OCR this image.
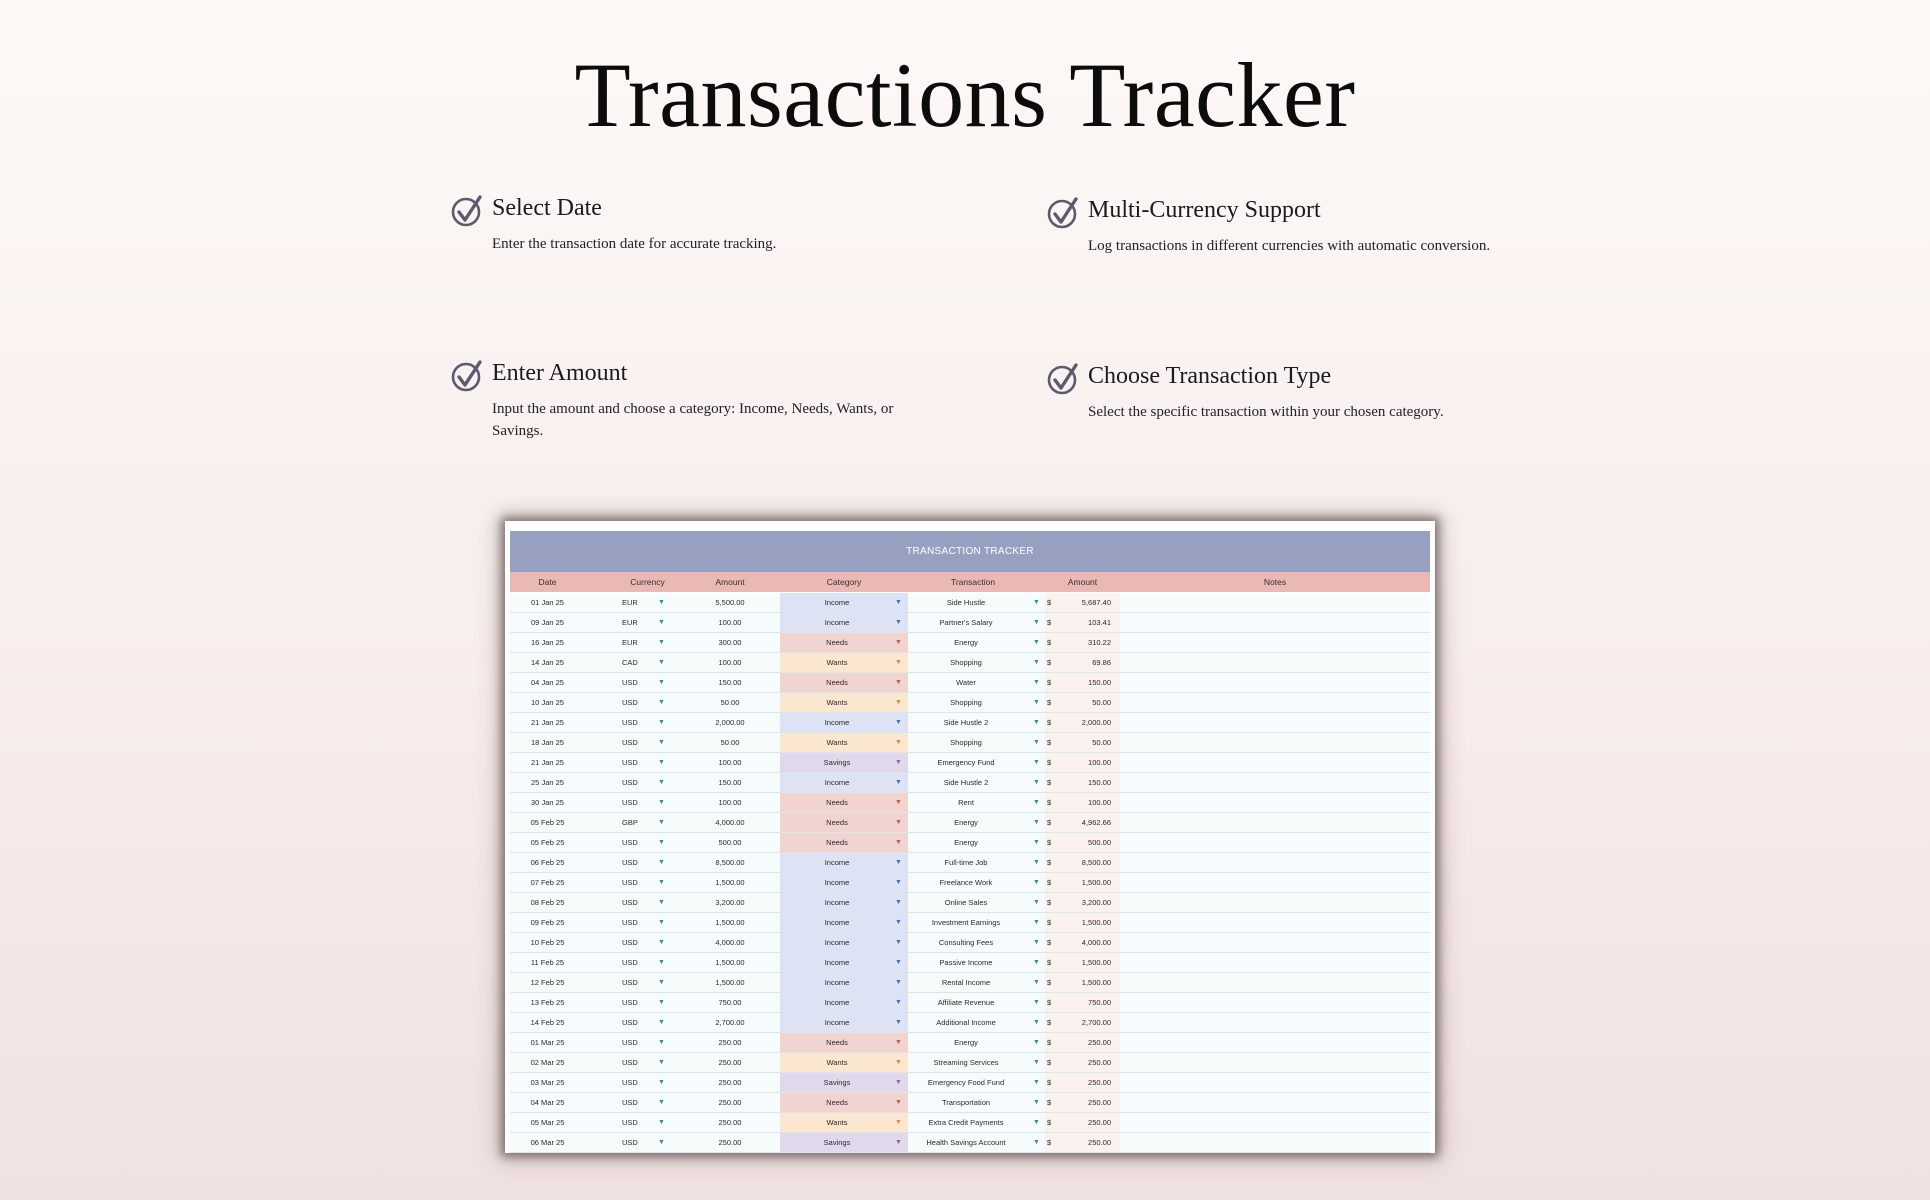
Transactions Tracker
Select Date
Enter the transaction date for accurate tracking.
Multi-Currency Support
Log transactions in different currencies with automatic conversion.
Enter Amount
Input the amount and choose a category: Income, Needs, Wants, or Savings.
Choose Transaction Type
Select the specific transaction within your chosen category.
TRANSACTION TRACKER
Date	Currency	Amount	Category	Transaction	Amount	Notes
01 Jan 25	EUR	▼	5,500.00	Income	▼	Side Hustle	▼ $	5,687.40
09 Jan 25	EUR	▼	100.00	Income	▼	Partner's Salary	▼ $	103.41
16 Jan 25	EUR	▼	300.00	Needs	▼	Energy	▼ $	310.22
14 Jan 25	CAD	▼	100.00	Wants	▼	Shopping	▼ $	69.86
04 Jan 25	USD	▼	150.00	Needs	▼	Water	▼ $	150.00
10 Jan 25	USD	▼	50.00	Wants	▼	Shopping	▼ $	50.00
21 Jan 25	USD	▼	2,000.00	Income	▼	Side Hustle 2	▼ $	2,000.00
18 Jan 25	USD	▼	50.00	Wants	▼	Shopping	▼ $	50.00
21 Jan 25	USD	▼	100.00	Savings	▼	Emergency Fund	▼ $	100.00
25 Jan 25	USD	▼	150.00	Income	▼	Side Hustle 2	▼ $	150.00
30 Jan 25	USD	▼	100.00	Needs	▼	Rent	▼ $	100.00
05 Feb 25	GBP	▼	4,000.00	Needs	▼	Energy	▼ $	4,962.66
05 Feb 25	USD	▼	500.00	Needs	▼	Energy	▼ $	500.00
06 Feb 25	USD	▼	8,500.00	Income	▼	Full-time Job	▼ $	8,500.00
07 Feb 25	USD	▼	1,500.00	Income	▼	Freelance Work	▼ $	1,500.00
08 Feb 25	USD	▼	3,200.00	Income	▼	Online Sales	▼ $	3,200.00
09 Feb 25	USD	▼	1,500.00	Income	▼	Investment Earnings	▼ $	1,500.00
10 Feb 25	USD	▼	4,000.00	Income	▼	Consulting Fees	▼ $	4,000.00
11 Feb 25	USD	▼	1,500.00	Income	▼	Passive Income	▼ $	1,500.00
12 Feb 25	USD	▼	1,500.00	Income	▼	Rental Income	▼ $	1,500.00
13 Feb 25	USD	▼	750.00	Income	▼	Affiliate Revenue	▼ $	750.00
14 Feb 25	USD	▼	2,700.00	Income	▼	Additional Income	▼ $	2,700.00
01 Mar 25	USD	▼	250.00	Needs	▼	Energy	▼ $	250.00
02 Mar 25	USD	▼	250.00	Wants	▼	Streaming Services	▼ $	250.00
03 Mar 25	USD	▼	250.00	Savings	▼	Emergency Food Fund	▼ $	250.00
04 Mar 25	USD	▼	250.00	Needs	▼	Transportation	▼ $	250.00
05 Mar 25	USD	▼	250.00	Wants	▼	Extra Credit Payments	▼ $	250.00
06 Mar 25	USD	▼	250.00	Savings	▼	Health Savings Account	▼ $	250.00
